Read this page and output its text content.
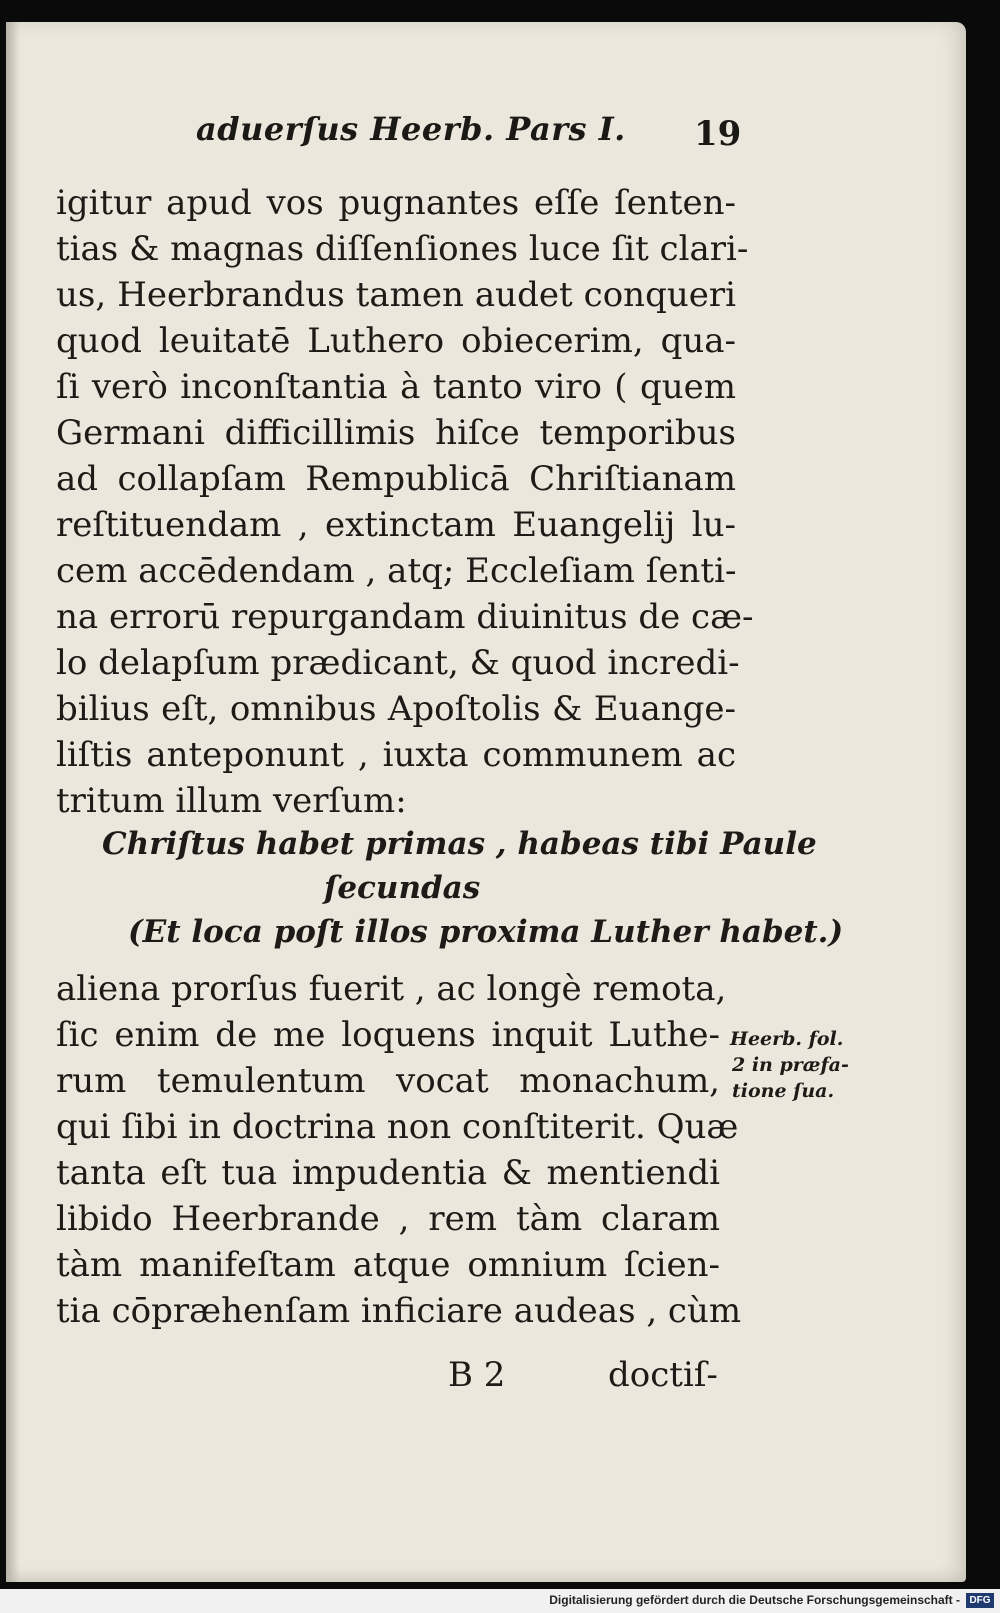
aduerſus Heerb. Pars I. 19
igitur apud vos pugnantes eſſe ſenten-
tias & magnas diſſenſiones luce ſit clari-
us, Heerbrandus tamen audet conqueri
quod leuitatē Luthero obiecerim, qua-
ſi verò inconſtantia à tanto viro ( quem
Germani difficillimis hiſce temporibus
ad collapſam Rempublicā Chriſtianam
reſtituendam , extinctam Euangelij lu-
cem accēdendam , atq; Eccleſiam ſenti-
na errorū repurgandam diuinitus de cæ-
lo delapſum prædicant, & quod incredi-
bilius eſt, omnibus Apoſtolis & Euange-
liſtis anteponunt , iuxta communem ac
tritum illum verſum:
Chriſtus habet primas , habeas tibi Paule
ſecundas
(Et loca poſt illos proxima Luther habet.)
aliena prorſus fuerit , ac longè remota,
ſic enim de me loquens inquit Luthe-
rum temulentum vocat monachum,
qui ſibi in doctrina non conſtiterit. Quæ
tanta eſt tua impudentia & mentiendi
libido Heerbrande , rem tàm claram
tàm manifeſtam atque omnium ſcien-
tia cōpræhenſam inficiare audeas , cùm
Heerb. fol.
2 in præfa-
tione ſua.
B 2	doctiſ-
Digitalisierung gefördert durch die Deutsche Forschungsgemeinschaft - DFG
